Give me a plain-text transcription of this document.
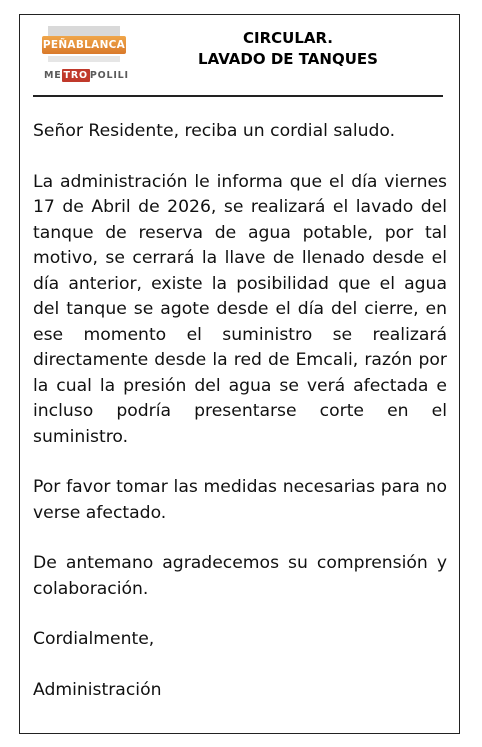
PEÑABLANCA
ME TRO POLILI
CIRCULAR.
LAVADO DE TANQUES

Señor Residente, reciba un cordial saludo.

La administración le informa que el día viernes 17 de Abril de 2026, se realizará el lavado del tanque de reserva de agua potable, por tal motivo, se cerrará la llave de llenado desde el día anterior, existe la posibilidad que el agua del tanque se agote desde el día del cierre, en ese momento el suministro se realizará directamente desde la red de Emcali, razón por la cual la presión del agua se verá afectada e incluso podría presentarse corte en el suministro.

Por favor tomar las medidas necesarias para no verse afectado.

De antemano agradecemos su comprensión y colaboración.

Cordialmente,

Administración
